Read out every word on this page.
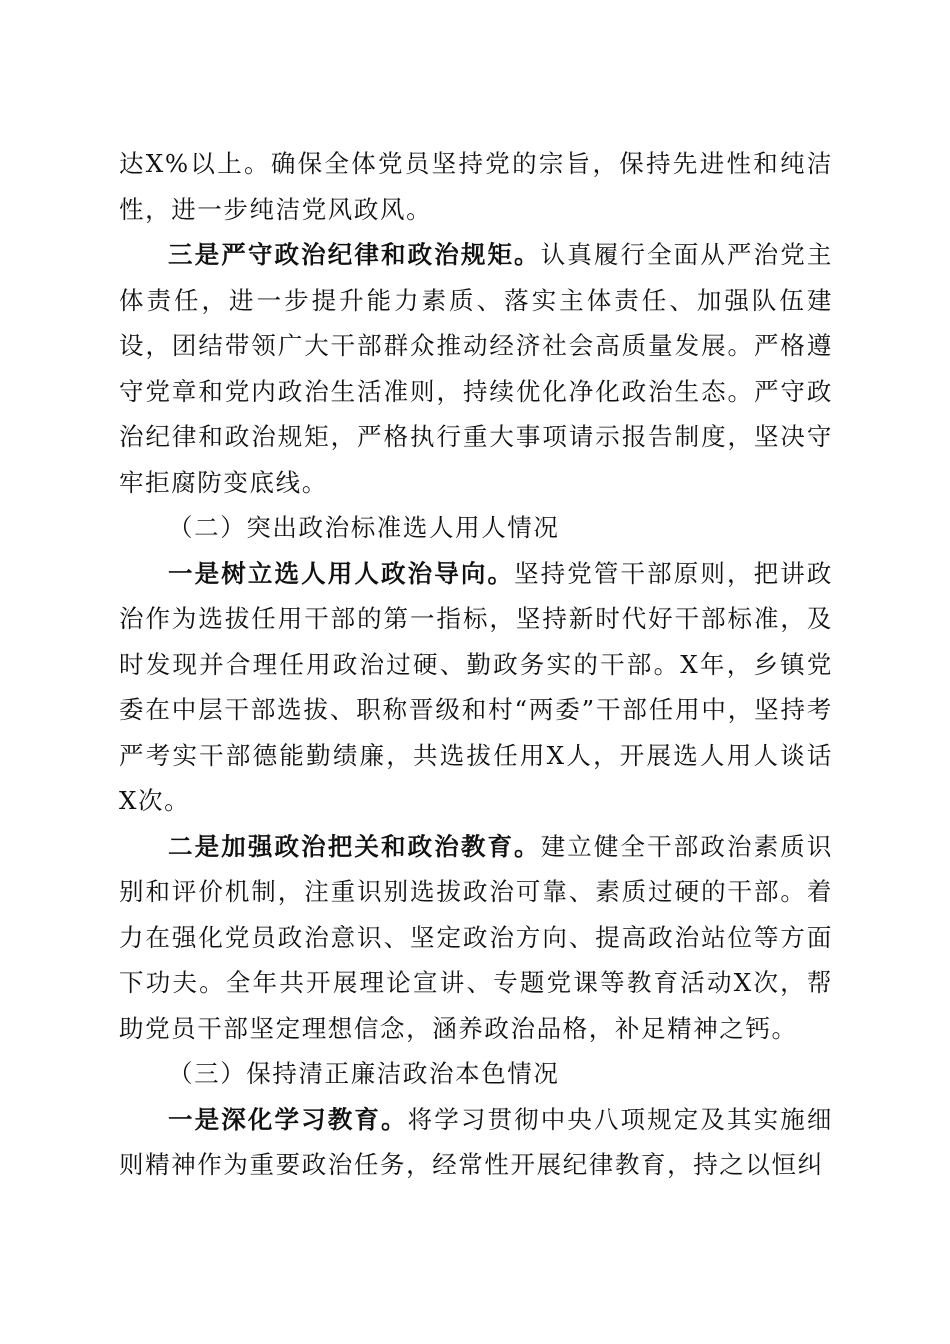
达X%以上。确保全体党员坚持党的宗旨，保持先进性和纯洁性，进一步纯洁党风政风。

三是严守政治纪律和政治规矩。认真履行全面从严治党主体责任，进一步提升能力素质、落实主体责任、加强队伍建设，团结带领广大干部群众推动经济社会高质量发展。严格遵守党章和党内政治生活准则，持续优化净化政治生态。严守政治纪律和政治规矩，严格执行重大事项请示报告制度，坚决守牢拒腐防变底线。

（二）突出政治标准选人用人情况

一是树立选人用人政治导向。坚持党管干部原则，把讲政治作为选拔任用干部的第一指标，坚持新时代好干部标准，及时发现并合理任用政治过硬、勤政务实的干部。X年，乡镇党委在中层干部选拔、职称晋级和村“两委”干部任用中，坚持考严考实干部德能勤绩廉，共选拔任用X人，开展选人用人谈话X次。

二是加强政治把关和政治教育。建立健全干部政治素质识别和评价机制，注重识别选拔政治可靠、素质过硬的干部。着力在强化党员政治意识、坚定政治方向、提高政治站位等方面下功夫。全年共开展理论宣讲、专题党课等教育活动X次，帮助党员干部坚定理想信念，涵养政治品格，补足精神之钙。

（三）保持清正廉洁政治本色情况

一是深化学习教育。将学习贯彻中央八项规定及其实施细则精神作为重要政治任务，经常性开展纪律教育，持之以恒纠
